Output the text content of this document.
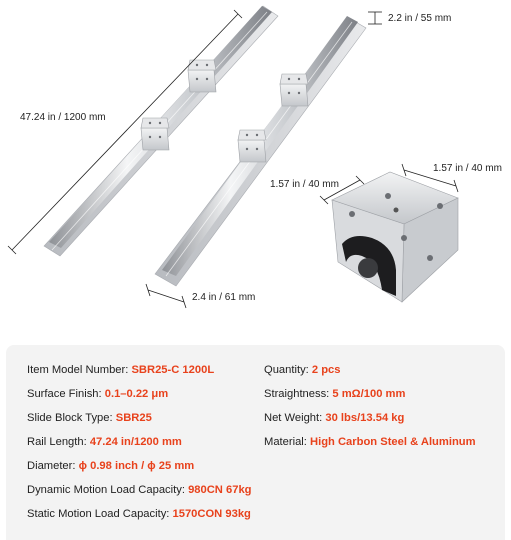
47.24 in / 1200 mm
2.2 in / 55 mm
2.4 in / 61 mm
1.57 in / 40 mm
1.57 in / 40 mm
Item Model Number: SBR25-C 1200L	Quantity: 2 pcs
Surface Finish: 0.1–0.22 μm	Straightness: 5 mΩ/100 mm
Slide Block Type: SBR25	Net Weight: 30 lbs/13.54 kg
Rail Length: 47.24 in/1200 mm	Material: High Carbon Steel & Aluminum
Diameter: ϕ 0.98 inch / ϕ 25 mm
Dynamic Motion Load Capacity: 980CN 67kg
Static Motion Load Capacity: 1570CON 93kg
